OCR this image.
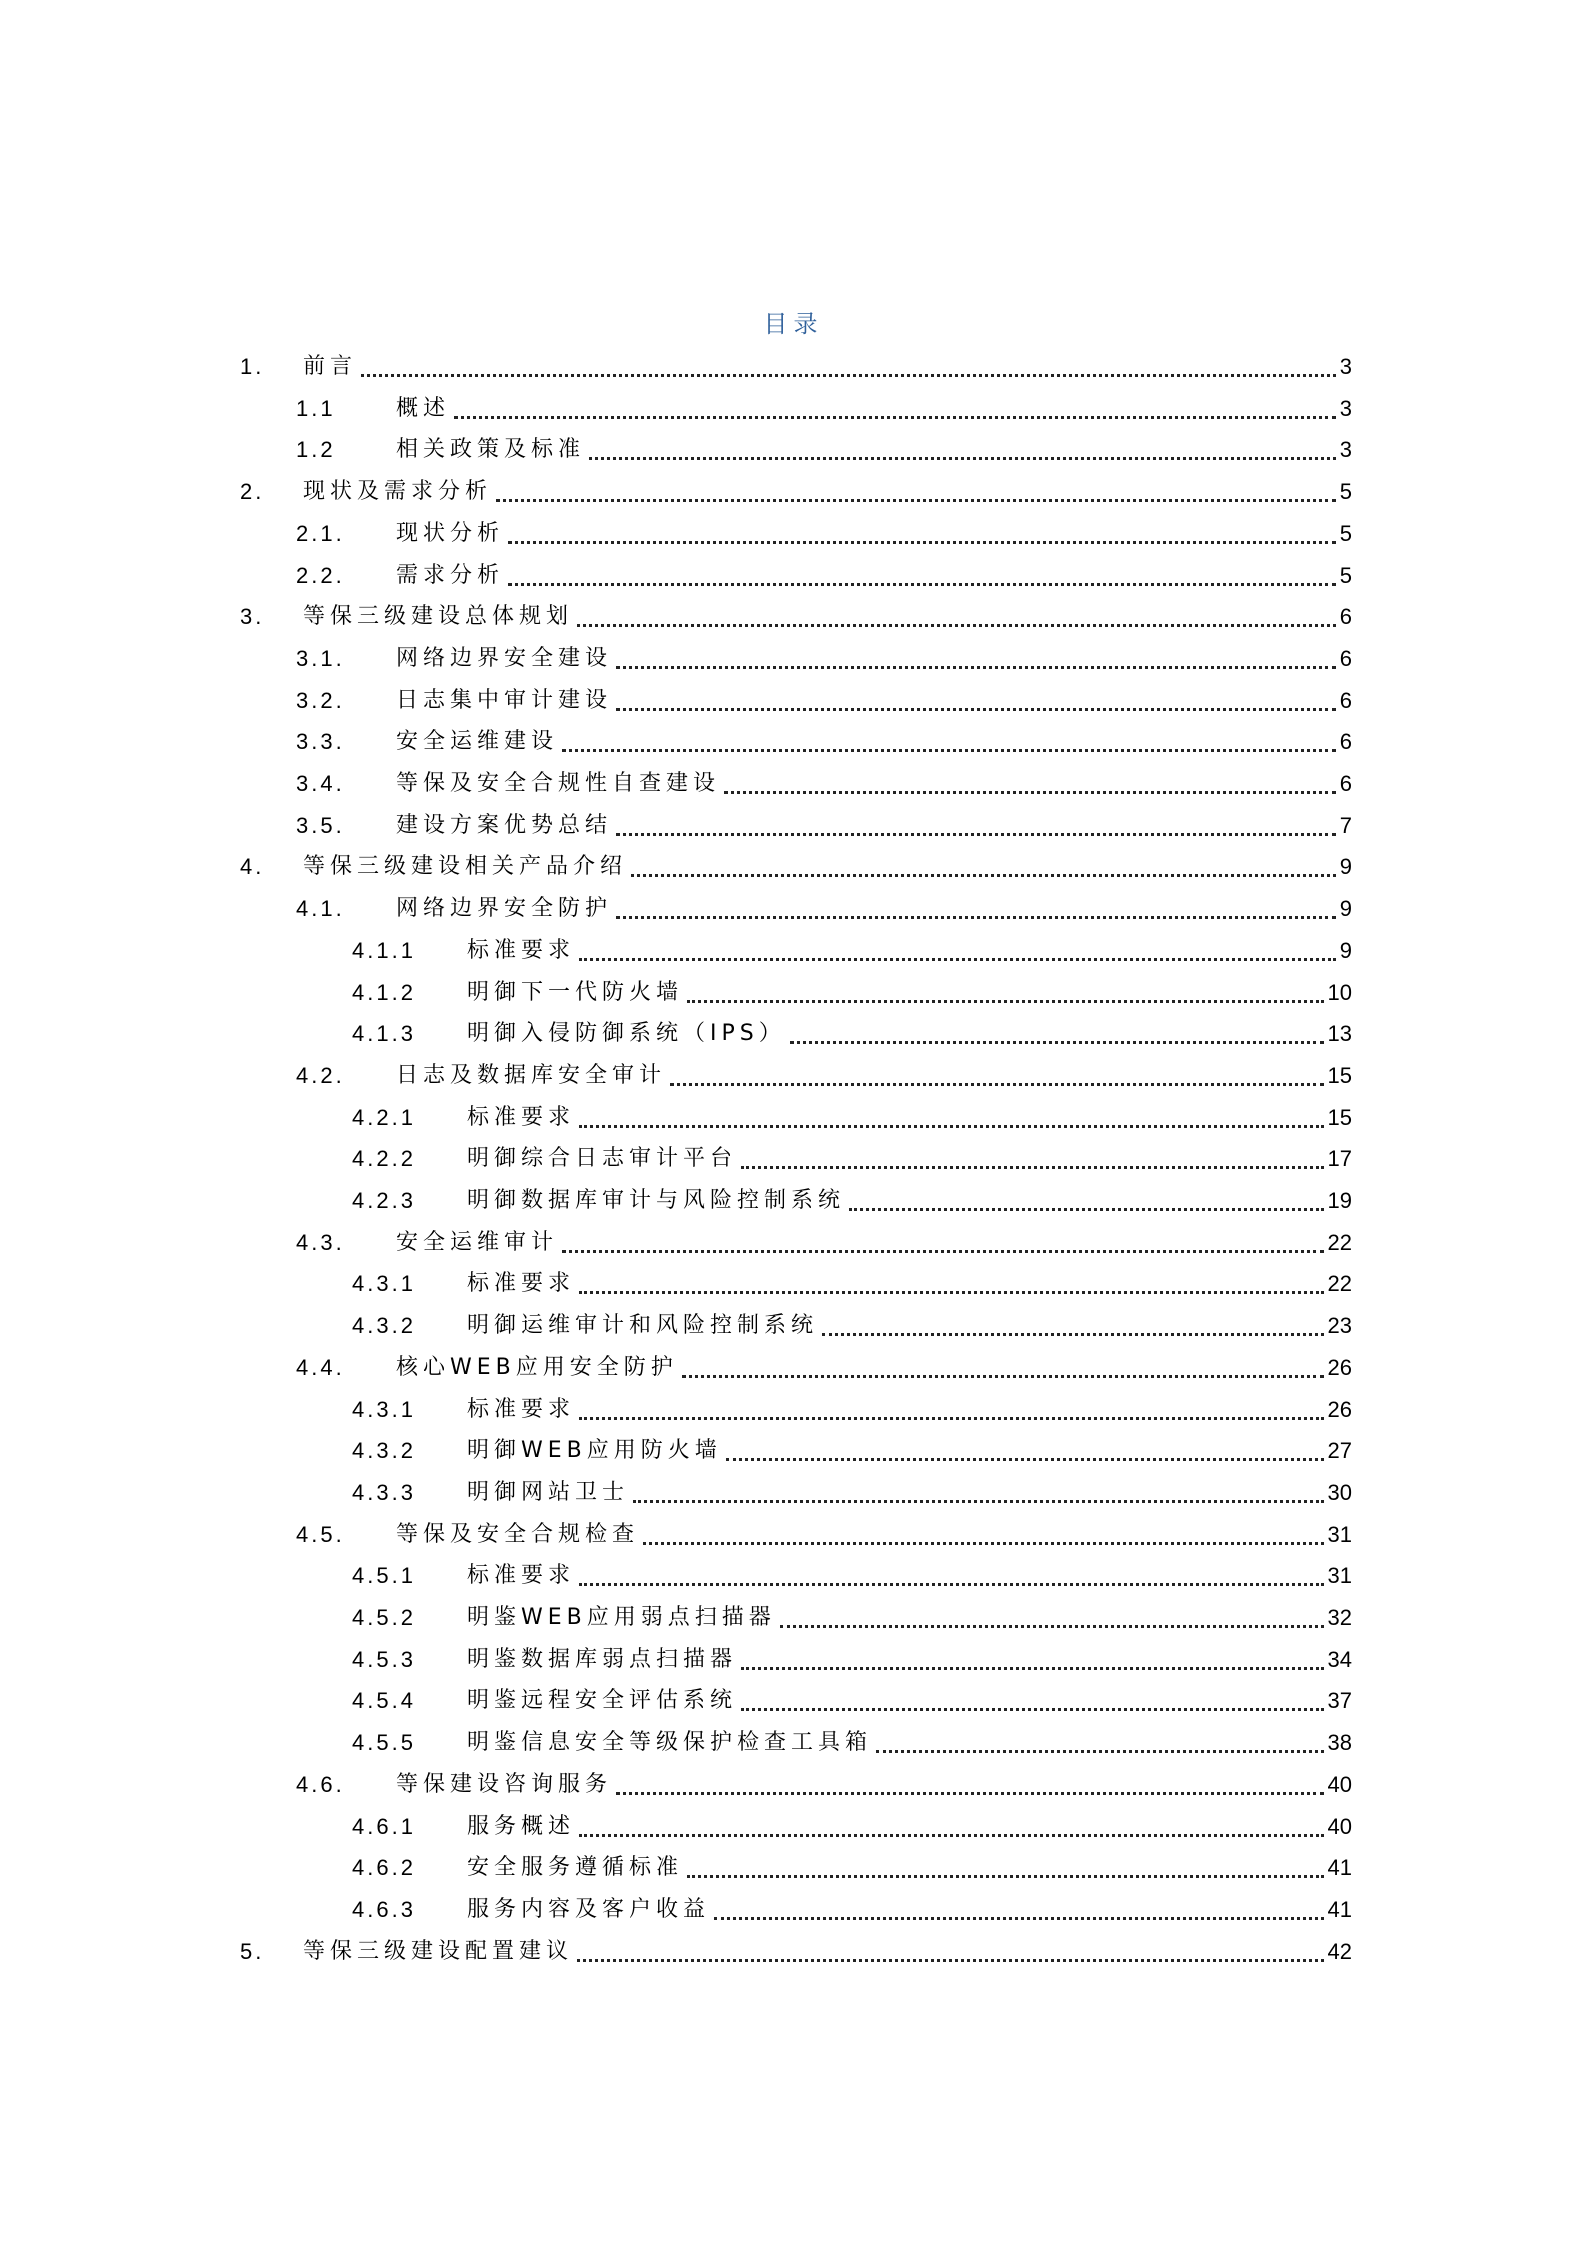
目录
1. 前言	3
1.1	概述	3
1.2	相关政策及标准	3
2. 现状及需求分析	5
2.1. 现状分析	5
2.2. 需求分析	5
3. 等保三级建设总体规划	6
3.1. 网络边界安全建设	6
3.2. 日志集中审计建设	6
3.3. 安全运维建设	6
3.4. 等保及安全合规性自查建设	6
3.5. 建设方案优势总结	7
4. 等保三级建设相关产品介绍	9
4.1. 网络边界安全防护	9
4.1.1 标准要求	9
4.1.2 明御下一代防火墙	10
4.1.3 明御入侵防御系统（IPS）	13
4.2. 日志及数据库安全审计	15
4.2.1 标准要求	15
4.2.2 明御综合日志审计平台	17
4.2.3 明御数据库审计与风险控制系统	19
4.3. 安全运维审计	22
4.3.1 标准要求	22
4.3.2 明御运维审计和风险控制系统	23
4.4. 核心WEB应用安全防护	26
4.3.1 标准要求	26
4.3.2 明御WEB应用防火墙	27
4.3.3 明御网站卫士	30
4.5. 等保及安全合规检查	31
4.5.1 标准要求	31
4.5.2 明鉴WEB应用弱点扫描器	32
4.5.3 明鉴数据库弱点扫描器	34
4.5.4 明鉴远程安全评估系统	37
4.5.5 明鉴信息安全等级保护检查工具箱	38
4.6. 等保建设咨询服务	40
4.6.1 服务概述	40
4.6.2 安全服务遵循标准	41
4.6.3 服务内容及客户收益	41
5. 等保三级建设配置建议	42
